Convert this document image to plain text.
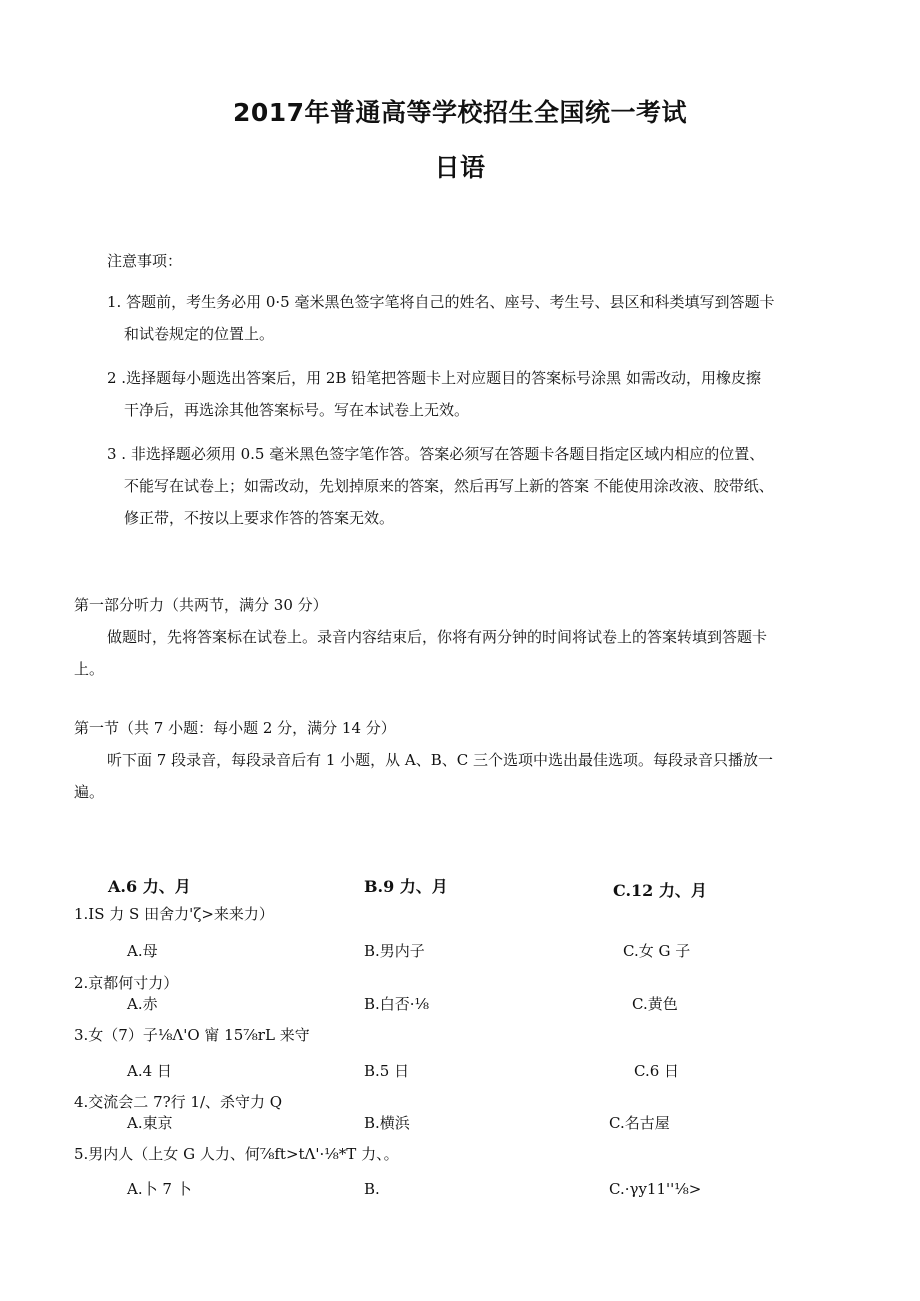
2017年普通高等学校招生全国统一考试
日语
注意事项：
1. 答题前，考生务必用 0·5 毫米黑色签字笔将自己的姓名、座号、考生号、县区和科类填写到答题卡
和试卷规定的位置上。
2 .选择题每小题选出答案后，用 2B 铅笔把答题卡上对应题目的答案标号涂黑 如需改动，用橡皮擦
干净后，再选涂其他答案标号。写在本试卷上无效。
3 . 非选择题必须用 0.5 毫米黑色签字笔作答。答案必须写在答题卡各题目指定区域内相应的位置、
不能写在试卷上；如需改动，先划掉原来的答案，然后再写上新的答案 不能使用涂改液、胶带纸、
修正带，不按以上要求作答的答案无效。
第一部分听力（共两节，满分 30 分）
做题时，先将答案标在试卷上。录音内容结束后，你将有两分钟的时间将试卷上的答案转填到答题卡
上。
第一节（共 7 小题：每小题 2 分，满分 14 分）
听下面 7 段录音，每段录音后有 1 小题，从 A、B、C 三个选项中选出最佳选项。每段录音只播放一
遍。
A.6 力、月	B.9 力、月	C.12 力、月
1.IS 力 S 田舍力'ζ>来来力）
A.母	B.男内子	C.女 G 子
2.京都何寸力）
A.赤	B.白否·⅛	C.黄色
3.女（7）子⅛Λ'O 甯 15⅞rL 来守
A.4 日	B.5 日	C.6 日
4.交流会二 7?行 1/、杀守力 Q
A.東京	B.横浜	C.名古屋
5.男内人（上女 G 人力、何⅞ft>tΛ'·⅛*T 力、。
A.卜 7 卜	B.	C.·γy11''⅛>
